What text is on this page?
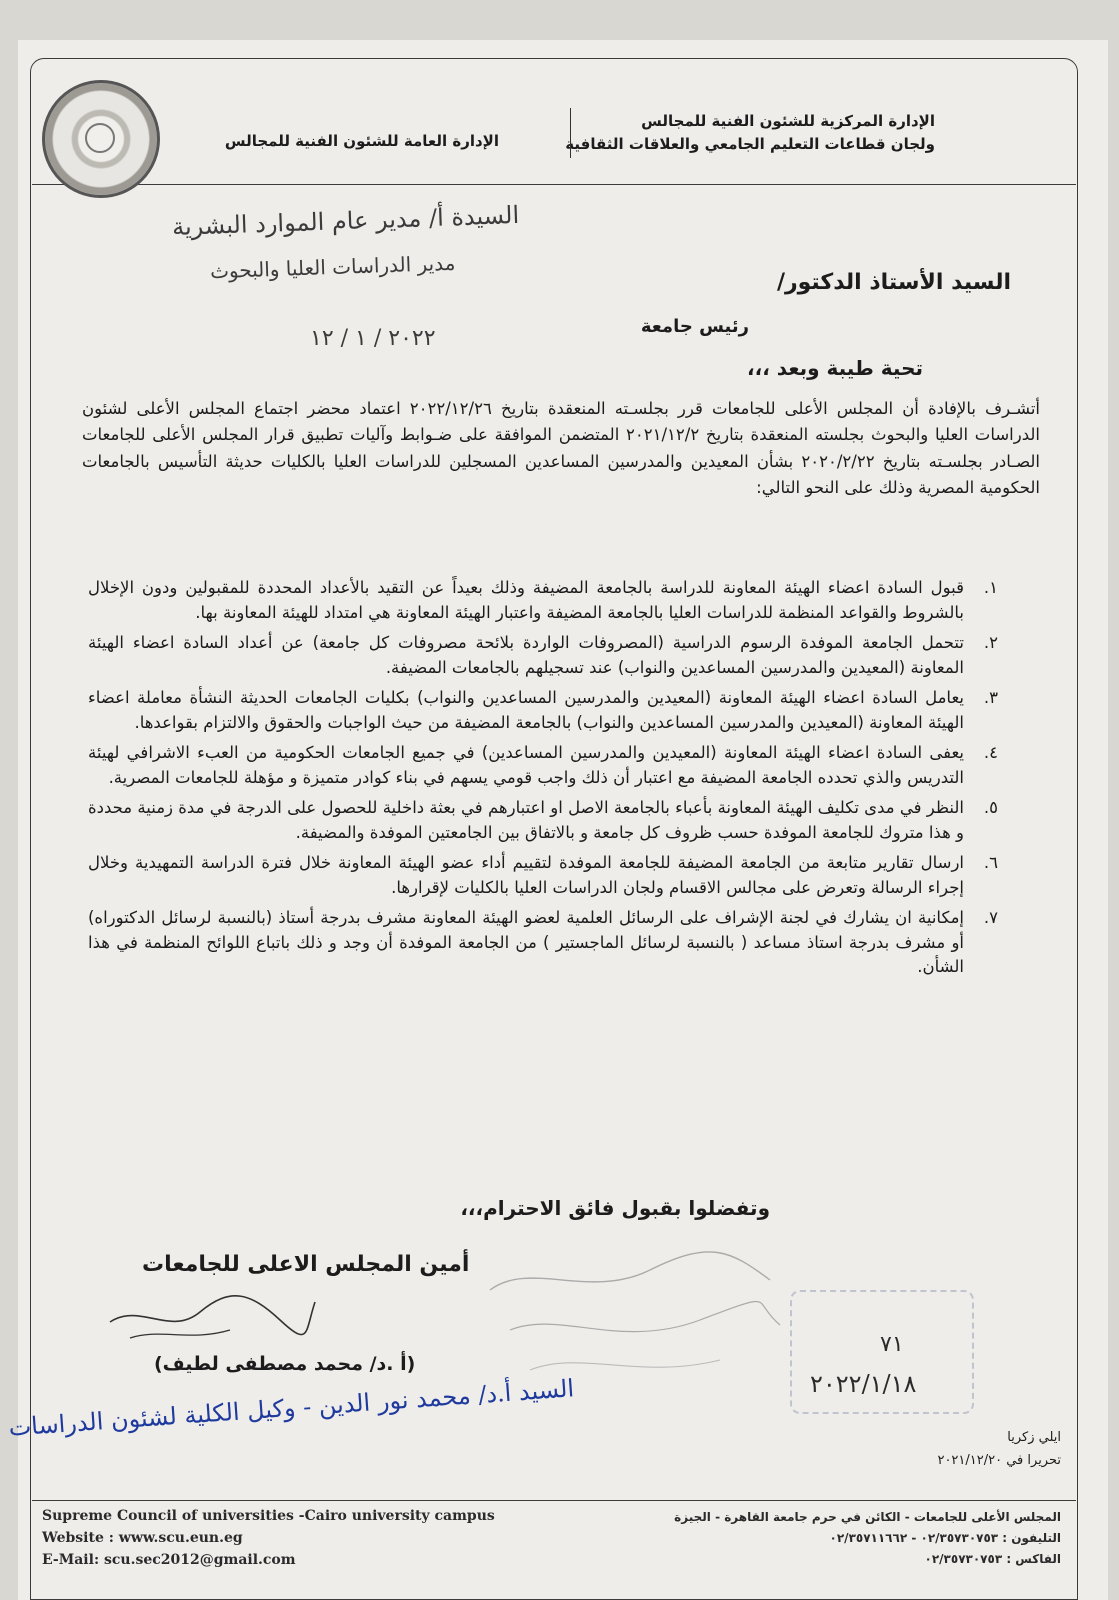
الإدارة المركزية للشئون الفنية للمجالس
ولجان قطاعات التعليم الجامعي والعلاقات الثقافية
الإدارة العامة للشئون الفنية للمجالس
السيدة أ/ مدير عام الموارد البشرية
مدير الدراسات العليا والبحوث
٢٠٢٢ / ١ / ١٢
السيد الأستاذ الدكتور/
رئيس جامعة
تحية طيبة وبعد ،،،
أتشـرف بالإفادة أن المجلس الأعلى للجامعات قرر بجلسـته المنعقدة بتاريخ ٢٠٢٢/١٢/٢٦ اعتماد محضر اجتماع المجلس الأعلى لشئون الدراسات العليا والبحوث بجلسته المنعقدة بتاريخ ٢٠٢١/١٢/٢ المتضمن الموافقة على ضـوابط وآليات تطبيق قرار المجلس الأعلى للجامعات الصـادر بجلسـته بتاريخ ٢٠٢٠/٢/٢٢ بشأن المعيدين والمدرسين المساعدين المسجلين للدراسات العليا بالكليات حديثة التأسيس بالجامعات الحكومية المصرية وذلك على النحو التالي:
١.
قبول السادة اعضاء الهيئة المعاونة للدراسة بالجامعة المضيفة وذلك بعيداً عن التقيد بالأعداد المحددة للمقبولين ودون الإخلال بالشروط والقواعد المنظمة للدراسات العليا بالجامعة المضيفة واعتبار الهيئة المعاونة هي امتداد للهيئة المعاونة بها.
٢.
تتحمل الجامعة الموفدة الرسوم الدراسية (المصروفات الواردة بلائحة مصروفات كل جامعة) عن أعداد السادة اعضاء الهيئة المعاونة (المعيدين والمدرسين المساعدين والنواب) عند تسجيلهم بالجامعات المضيفة.
٣.
يعامل السادة اعضاء الهيئة المعاونة (المعيدين والمدرسين المساعدين والنواب) بكليات الجامعات الحديثة النشأة معاملة اعضاء الهيئة المعاونة (المعيدين والمدرسين المساعدين والنواب) بالجامعة المضيفة من حيث الواجبات والحقوق والالتزام بقواعدها.
٤.
يعفى السادة اعضاء الهيئة المعاونة (المعيدين والمدرسين المساعدين) في جميع الجامعات الحكومية من العبء الاشرافي لهيئة التدريس والذي تحدده الجامعة المضيفة مع اعتبار أن ذلك واجب قومي يسهم في بناء كوادر متميزة و مؤهلة للجامعات المصرية.
٥.
النظر في مدى تكليف الهيئة المعاونة بأعباء بالجامعة الاصل او اعتبارهم في بعثة داخلية للحصول على الدرجة في مدة زمنية محددة و هذا متروك للجامعة الموفدة حسب ظروف كل جامعة و بالاتفاق بين الجامعتين الموفدة والمضيفة.
٦.
ارسال تقارير متابعة من الجامعة المضيفة للجامعة الموفدة لتقييم أداء عضو الهيئة المعاونة خلال فترة الدراسة التمهيدية وخلال إجراء الرسالة وتعرض على مجالس الاقسام ولجان الدراسات العليا بالكليات لإقرارها.
٧.
إمكانية ان يشارك في لجنة الإشراف على الرسائل العلمية لعضو الهيئة المعاونة مشرف بدرجة أستاذ (بالنسبة لرسائل الدكتوراه) أو مشرف بدرجة استاذ مساعد ( بالنسبة لرسائل الماجستير ) من الجامعة الموفدة أن وجد و ذلك باتباع اللوائح المنظمة في هذا الشأن.
وتفضلوا بقبول فائق الاحترام،،،
أمين المجلس الاعلى للجامعات
(أ .د/ محمد مصطفى لطيف)
٧١
٢٠٢٢/١/١٨
السيد أ.د/ محمد نور الدين - وكيل الكلية لشئون الدراسات	ايلي زكريا
تحريرا في ٢٠٢١/١٢/٢٠
Supreme Council of universities -Cairo university campus
Website : www.scu.eun.eg
E-Mail: scu.sec2012@gmail.com
المجلس الأعلى للجامعات - الكائن في حرم جامعة القاهرة - الجيزة
التليفون : ٠٢/٣٥٧٣٠٧٥٣ - ٠٢/٣٥٧١١٦٦٢
الفاكس : ٠٢/٣٥٧٣٠٧٥٣
